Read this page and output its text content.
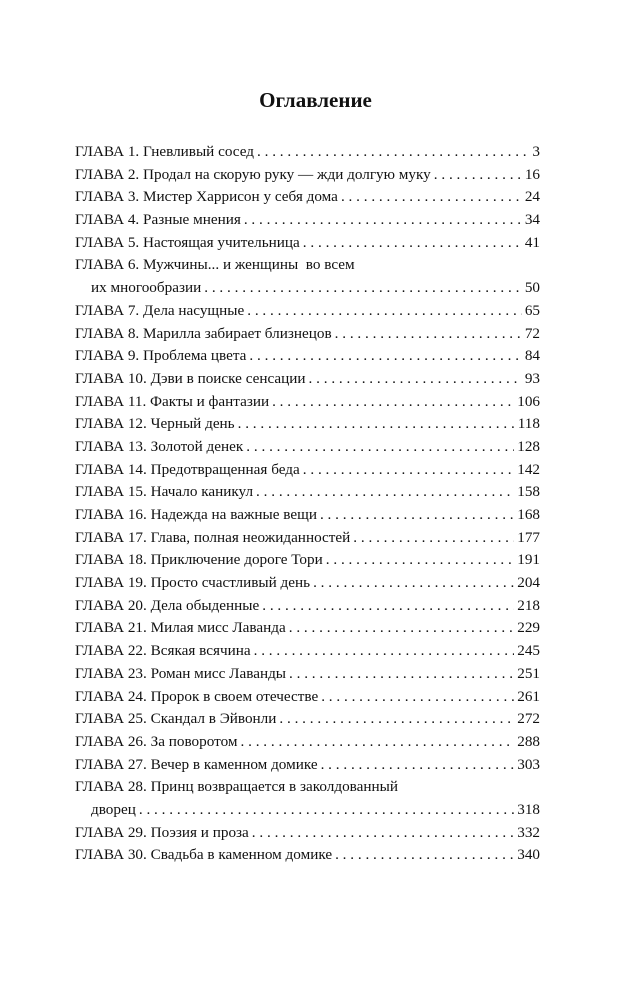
Оглавление
ГЛАВА 1. Гневливый сосед . . .	3
ГЛАВА 2. Продал на скорую руку — жди долгую муку . . .	16
ГЛАВА 3. Мистер Харрисон у себя дома . . .	24
ГЛАВА 4. Разные мнения . . .	34
ГЛАВА 5. Настоящая учительница . . .	41
ГЛАВА 6. Мужчины... и женщины  во всем
их многообразии . . .	50
ГЛАВА 7. Дела насущные . . .	65
ГЛАВА 8. Марилла забирает близнецов . . .	72
ГЛАВА 9. Проблема цвета . . .	84
ГЛАВА 10. Дэви в поиске сенсации . . .	93
ГЛАВА 11. Факты и фантазии . . .	106
ГЛАВА 12. Черный день . . .	118
ГЛАВА 13. Золотой денек . . .	128
ГЛАВА 14. Предотвращенная беда . . .	142
ГЛАВА 15. Начало каникул . . .	158
ГЛАВА 16. Надежда на важные вещи . . .	168
ГЛАВА 17. Глава, полная неожиданностей . . .	177
ГЛАВА 18. Приключение дороге Тори . . .	191
ГЛАВА 19. Просто счастливый день . . .	204
ГЛАВА 20. Дела обыденные . . .	218
ГЛАВА 21. Милая мисс Лаванда . . .	229
ГЛАВА 22. Всякая всячина . . .	245
ГЛАВА 23. Роман мисс Лаванды . . .	251
ГЛАВА 24. Пророк в своем отечестве . . .	261
ГЛАВА 25. Скандал в Эйвонли . . .	272
ГЛАВА 26. За поворотом . . .	288
ГЛАВА 27. Вечер в каменном домике . . .	303
ГЛАВА 28. Принц возвращается в заколдованный
дворец . . .	318
ГЛАВА 29. Поэзия и проза . . .	332
ГЛАВА 30. Свадьба в каменном домике . . .	340
